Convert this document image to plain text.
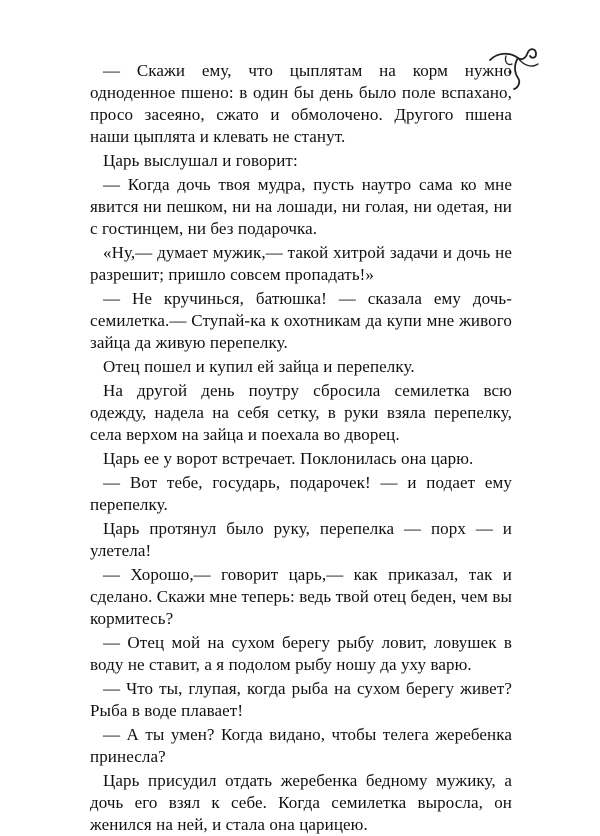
— Скажи ему, что цыплятам на корм нужно одноденное пшено: в один бы день было поле вспахано, просо засеяно, сжато и обмолочено. Другого пшена наши цыплята и клевать не станут.

Царь выслушал и говорит:

— Когда дочь твоя мудра, пусть наутро сама ко мне явится ни пешком, ни на лошади, ни голая, ни одетая, ни с гостинцем, ни без подарочка.

«Ну,— думает мужик,— такой хитрой задачи и дочь не разрешит; пришло совсем пропадать!»

— Не кручинься, батюшка! — сказала ему дочь-семилетка.— Ступай-ка к охотникам да купи мне живого зайца да живую перепелку.

Отец пошел и купил ей зайца и перепелку.

На другой день поутру сбросила семилетка всю одежду, надела на себя сетку, в руки взяла перепелку, села верхом на зайца и поехала во дворец.

Царь ее у ворот встречает. Поклонилась она царю.

— Вот тебе, государь, подарочек! — и подает ему перепелку.

Царь протянул было руку, перепелка — порх — и улетела!

— Хорошо,— говорит царь,— как приказал, так и сделано. Скажи мне теперь: ведь твой отец беден, чем вы кормитесь?

— Отец мой на сухом берегу рыбу ловит, ловушек в воду не ставит, а я подолом рыбу ношу да уху варю.

— Что ты, глупая, когда рыба на сухом берегу живет? Рыба в воде плавает!

— А ты умен? Когда видано, чтобы телега жеребенка принесла?

Царь присудил отдать жеребенка бедному мужику, а дочь его взял к себе. Когда семилетка выросла, он женился на ней, и стала она царицею.
